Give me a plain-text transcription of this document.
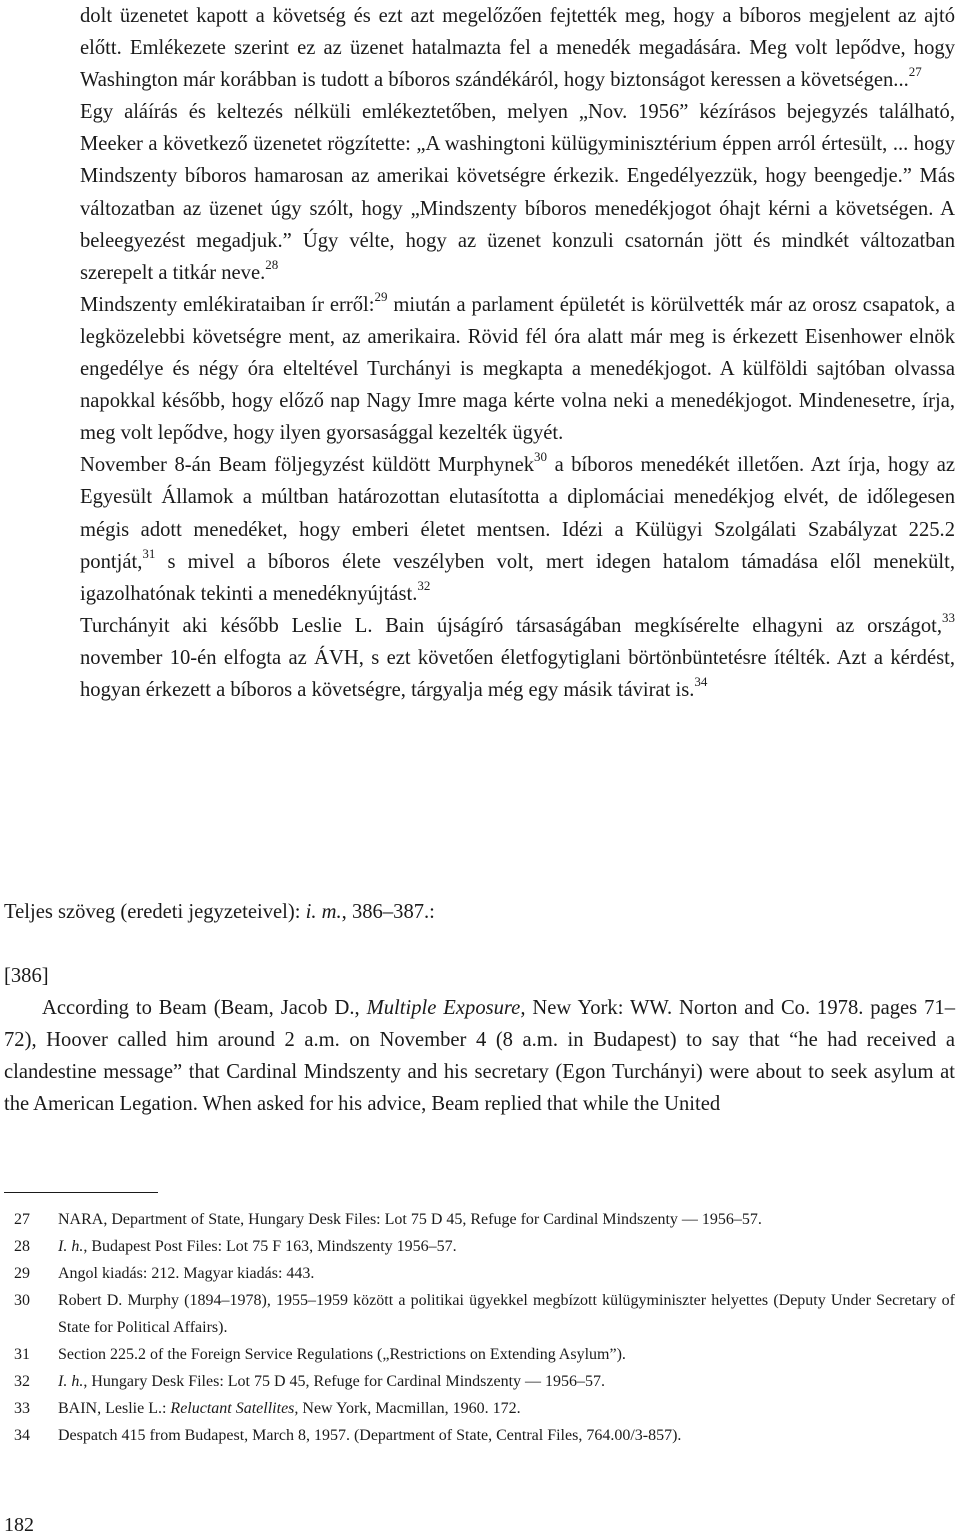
dolt üzenetet kapott a követség és ezt azt megelőzően fejtették meg, hogy a bíboros megjelent az ajtó előtt. Emlékezete szerint ez az üzenet hatalmazta fel a menedék megadására. Meg volt lepődve, hogy Washington már korábban is tudott a bíboros szándékáról, hogy biztonságot keressen a követségen...$^{27}$

Egy aláírás és keltezés nélküli emlékeztetőben, melyen „Nov. 1956” kézírásos bejegyzés található, Meeker a következő üzenetet rögzítette: „A washingtoni külügyminisztérium éppen arról értesült, ... hogy Mindszenty bíboros hamarosan az amerikai követségre érkezik. Engedélyezzük, hogy beengedje.” Más változatban az üzenet úgy szólt, hogy „Mindszenty bíboros menedékjogot óhajt kérni a követségen. A beleegyezést megadjuk.” Úgy vélte, hogy az üzenet konzuli csatornán jött és mindkét változatban szerepelt a titkár neve.$^{28}$

Mindszenty emlékirataiban ír erről:$^{29}$ miután a parlament épületét is körülvették már az orosz csapatok, a legközelebbi követségre ment, az amerikaira. Rövid fél óra alatt már meg is érkezett Eisenhower elnök engedélye és négy óra elteltével Turchányi is megkapta a menedékjogot. A külföldi sajtóban olvassa napokkal később, hogy előző nap Nagy Imre maga kérte volna neki a menedékjogot. Mindenesetre, írja, meg volt lepődve, hogy ilyen gyorsasággal kezelték ügyét.

November 8-án Beam följegyzést küldött Murphynek$^{30}$ a bíboros menedékét illetően. Azt írja, hogy az Egyesült Államok a múltban határozottan elutasította a diplomáciai menedékjog elvét, de időlegesen mégis adott menedéket, hogy emberi életet mentsen. Idézi a Külügyi Szolgálati Szabályzat 225.2 pontját,$^{31}$ s mivel a bíboros élete veszélyben volt, mert idegen hatalom támadása elől menekült, igazolhatónak tekinti a menedéknyújtást.$^{32}$

Turchányit aki később Leslie L. Bain újságíró társaságában megkísérelte elhagyni az országot,$^{33}$ november 10-én elfogta az ÁVH, s ezt követően életfogytiglani börtönbüntetésre ítélték. Azt a kérdést, hogyan érkezett a bíboros a követségre, tárgyalja még egy másik távirat is.$^{34}$

Teljes szöveg (eredeti jegyzeteivel): i. m., 386–387.:
[386]

According to Beam (Beam, Jacob D., Multiple Exposure, New York: WW. Norton and Co. 1978. pages 71–72), Hoover called him around 2 a.m. on November 4 (8 a.m. in Budapest) to say that “he had received a clandestine message” that Cardinal Mindszenty and his secretary (Egon Turchányi) were about to seek asylum at the American Legation. When asked for his advice, Beam replied that while the United

27	NARA, Department of State, Hungary Desk Files: Lot 75 D 45, Refuge for Cardinal Mindszenty — 1956–57.
28	I. h., Budapest Post Files: Lot 75 F 163, Mindszenty 1956–57.
29	Angol kiadás: 212. Magyar kiadás: 443.
30	Robert D. Murphy (1894–1978), 1955–1959 között a politikai ügyekkel megbízott külügyminiszter helyettes (Deputy Under Secretary of State for Political Affairs).
31	Section 225.2 of the Foreign Service Regulations („Restrictions on Extending Asylum”).
32	I. h., Hungary Desk Files: Lot 75 D 45, Refuge for Cardinal Mindszenty — 1956–57.
33	BAIN, Leslie L.: Reluctant Satellites, New York, Macmillan, 1960. 172.
34	Despatch 415 from Budapest, March 8, 1957. (Department of State, Central Files, 764.00/3-857).
182
